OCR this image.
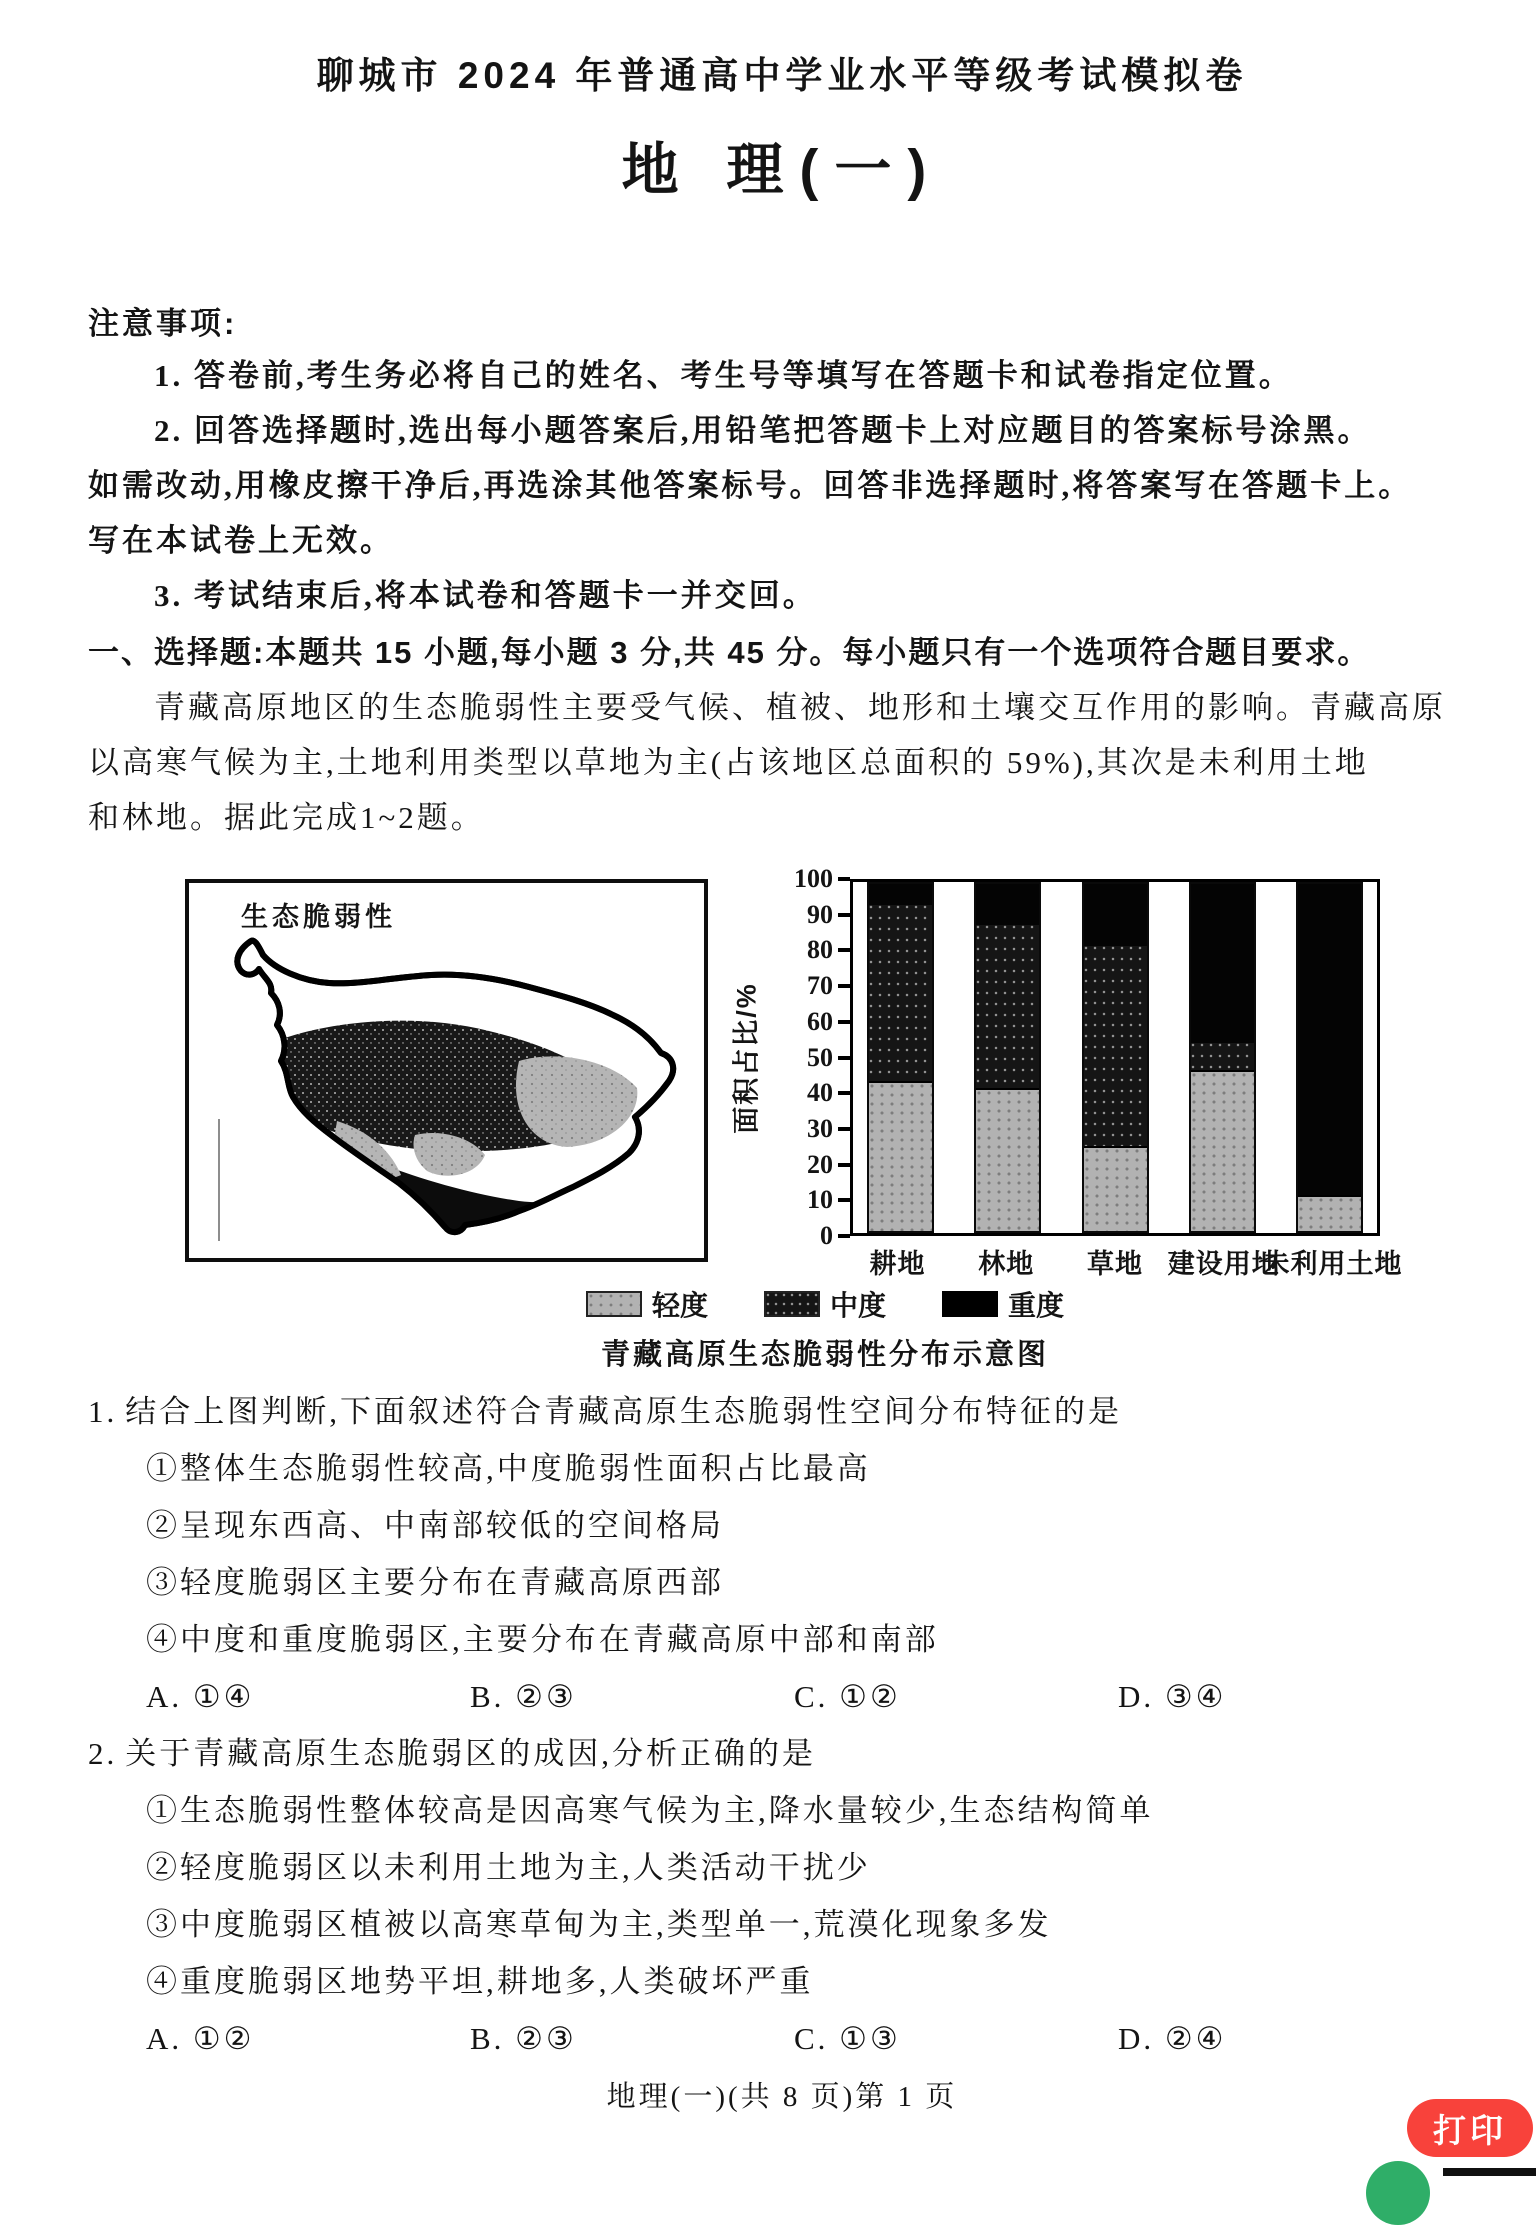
聊城市 2024 年普通高中学业水平等级考试模拟卷
地 理(一)
注意事项:
1. 答卷前,考生务必将自己的姓名、考生号等填写在答题卡和试卷指定位置。
2. 回答选择题时,选出每小题答案后,用铅笔把答题卡上对应题目的答案标号涂黑。
如需改动,用橡皮擦干净后,再选涂其他答案标号。回答非选择题时,将答案写在答题卡上。
写在本试卷上无效。
3. 考试结束后,将本试卷和答题卡一并交回。
一、选择题:本题共 15 小题,每小题 3 分,共 45 分。每小题只有一个选项符合题目要求。
青藏高原地区的生态脆弱性主要受气候、植被、地形和土壤交互作用的影响。青藏高原
以高寒气候为主,土地利用类型以草地为主(占该地区总面积的 59%),其次是未利用土地
和林地。据此完成1~2题。
生态脆弱性
面积占比/%
0
10
20
30
40
50
60
70
80
90
100
耕地 林地 草地 建设用地
未利用土地
轻度	中度	重度
青藏高原生态脆弱性分布示意图

1. 结合上图判断,下面叙述符合青藏高原生态脆弱性空间分布特征的是

①整体生态脆弱性较高,中度脆弱性面积占比最高

②呈现东西高、中南部较低的空间格局

③轻度脆弱区主要分布在青藏高原西部

④中度和重度脆弱区,主要分布在青藏高原中部和南部

A. ①④	B. ②③	C. ①②	D. ③④

2. 关于青藏高原生态脆弱区的成因,分析正确的是

①生态脆弱性整体较高是因高寒气候为主,降水量较少,生态结构简单

②轻度脆弱区以未利用土地为主,人类活动干扰少

③中度脆弱区植被以高寒草甸为主,类型单一,荒漠化现象多发

④重度脆弱区地势平坦,耕地多,人类破坏严重

A. ①②	B. ②③	C. ①③	D. ②④
地理(一)(共 8 页)第 1 页
打印
